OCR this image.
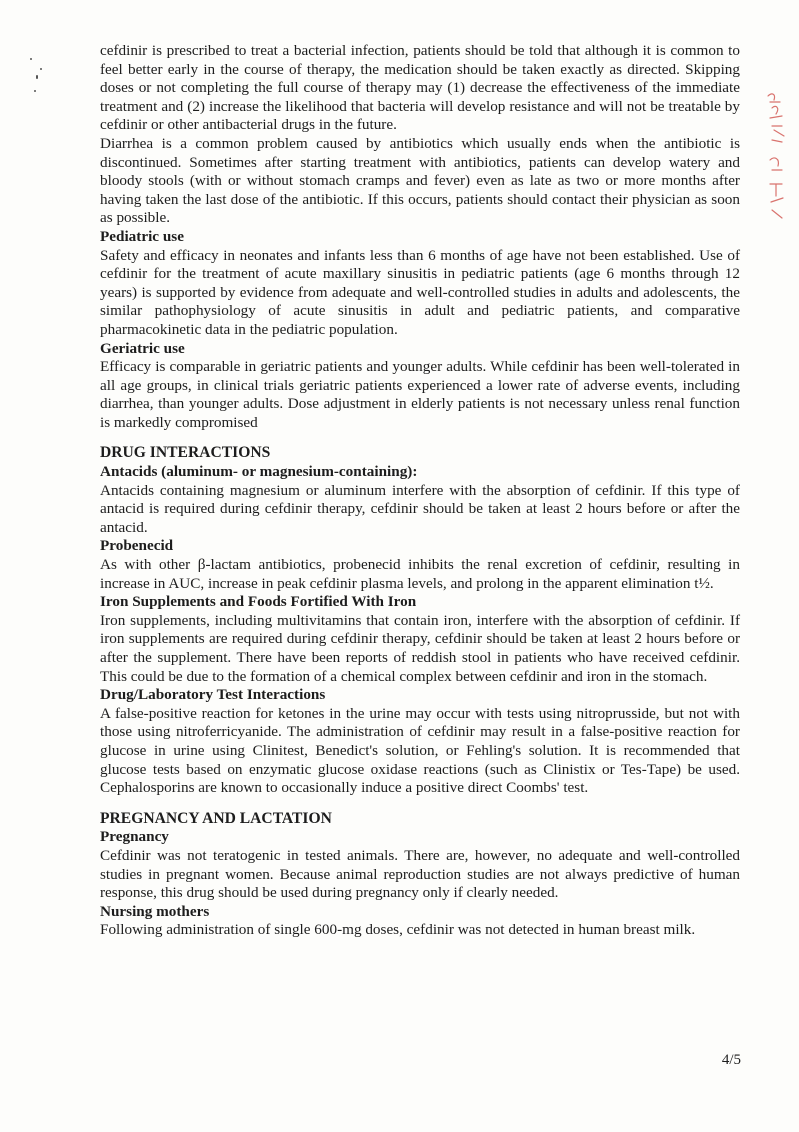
cefdinir is prescribed to treat a bacterial infection, patients should be told that although it is common to feel better early in the course of therapy, the medication should be taken exactly as directed. Skipping doses or not completing the full course of therapy may (1) decrease the effectiveness of the immediate treatment and (2) increase the likelihood that bacteria will develop resistance and will not be treatable by cefdinir or other antibacterial drugs in the future.

Diarrhea is a common problem caused by antibiotics which usually ends when the antibiotic is discontinued. Sometimes after starting treatment with antibiotics, patients can develop watery and bloody stools (with or without stomach cramps and fever) even as late as two or more months after having taken the last dose of the antibiotic. If this occurs, patients should contact their physician as soon as possible.

Pediatric use

Safety and efficacy in neonates and infants less than 6 months of age have not been established. Use of cefdinir for the treatment of acute maxillary sinusitis in pediatric patients (age 6 months through 12 years) is supported by evidence from adequate and well-controlled studies in adults and adolescents, the similar pathophysiology of acute sinusitis in adult and pediatric patients, and comparative pharmacokinetic data in the pediatric population.

Geriatric use

Efficacy is comparable in geriatric patients and younger adults. While cefdinir has been well-tolerated in all age groups, in clinical trials geriatric patients experienced a lower rate of adverse events, including diarrhea, than younger adults. Dose adjustment in elderly patients is not necessary unless renal function is markedly compromised

DRUG INTERACTIONS
Antacids (aluminum- or magnesium-containing):

Antacids containing magnesium or aluminum interfere with the absorption of cefdinir. If this type of antacid is required during cefdinir therapy, cefdinir should be taken at least 2 hours before or after the antacid.

Probenecid

As with other β-lactam antibiotics, probenecid inhibits the renal excretion of cefdinir, resulting in increase in AUC, increase in peak cefdinir plasma levels, and prolong in the apparent elimination t½.

Iron Supplements and Foods Fortified With Iron

Iron supplements, including multivitamins that contain iron, interfere with the absorption of cefdinir. If iron supplements are required during cefdinir therapy, cefdinir should be taken at least 2 hours before or after the supplement. There have been reports of reddish stool in patients who have received cefdinir. This could be due to the formation of a chemical complex between cefdinir and iron in the stomach.

Drug/Laboratory Test Interactions

A false-positive reaction for ketones in the urine may occur with tests using nitroprusside, but not with those using nitroferricyanide. The administration of cefdinir may result in a false-positive reaction for glucose in urine using Clinitest, Benedict's solution, or Fehling's solution. It is recommended that glucose tests based on enzymatic glucose oxidase reactions (such as Clinistix or Tes-Tape) be used. Cephalosporins are known to occasionally induce a positive direct Coombs' test.

PREGNANCY AND LACTATION
Pregnancy

Cefdinir was not teratogenic in tested animals. There are, however, no adequate and well-controlled studies in pregnant women. Because animal reproduction studies are not always predictive of human response, this drug should be used during pregnancy only if clearly needed.

Nursing mothers

Following administration of single 600-mg doses, cefdinir was not detected in human breast milk.

4/5
